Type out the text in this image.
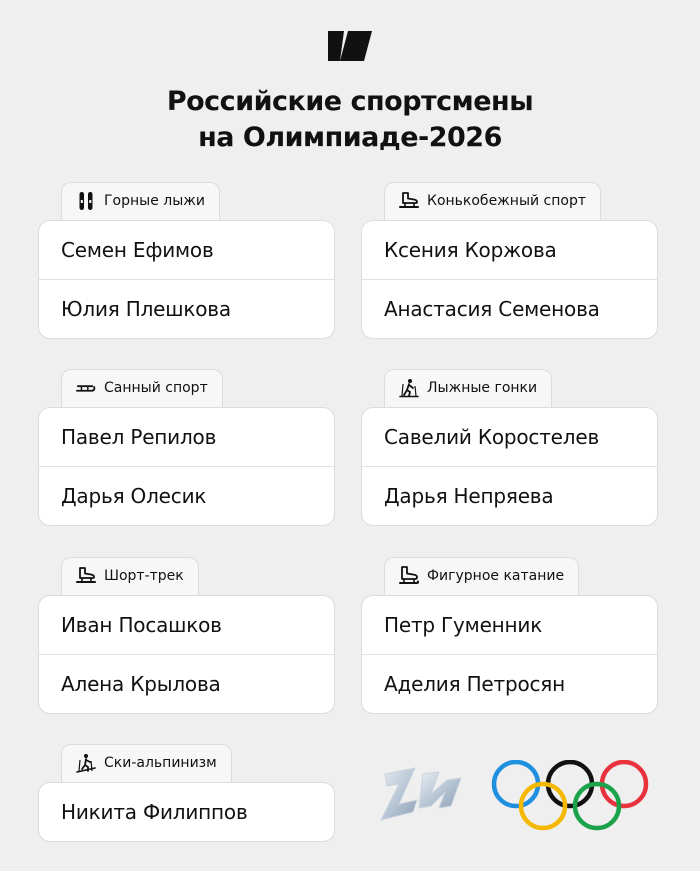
Российские спортсмены
на Олимпиаде-2026
Горные лыжи
Семен Ефимов
Юлия Плешкова
Конькобежный спорт
Ксения Коржова
Анастасия Семенова
Санный спорт
Павел Репилов
Дарья Олесик
Лыжные гонки
Савелий Коростелев
Дарья Непряева
Шорт-трек
Иван Посашков
Алена Крылова
Фигурное катание
Петр Гуменник
Аделия Петросян
Ски-альпинизм
Никита Филиппов
